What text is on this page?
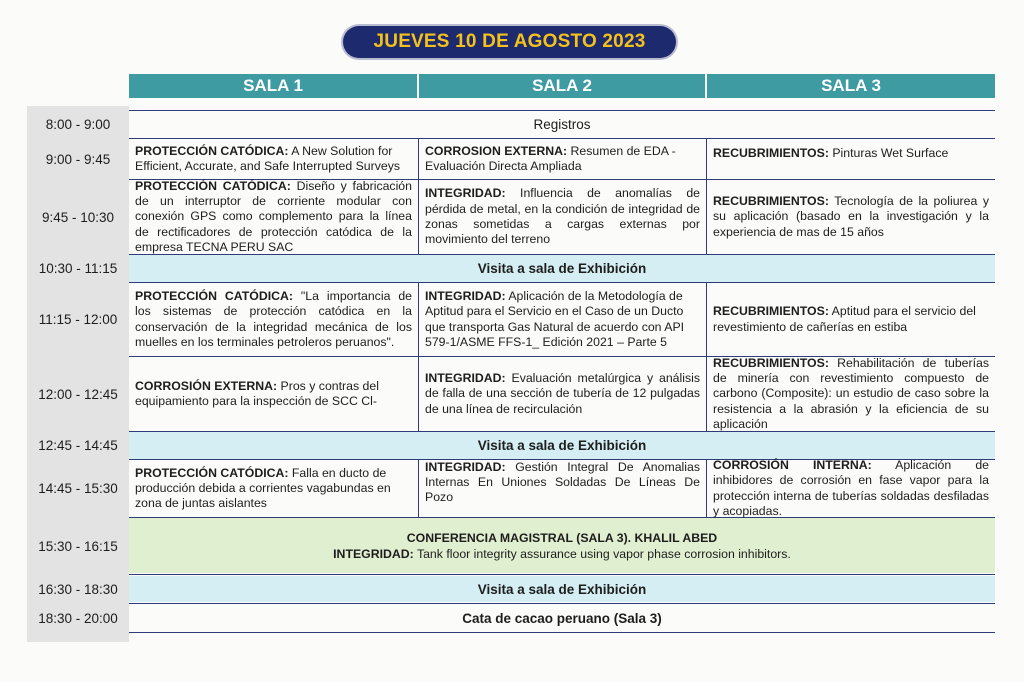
JUEVES 10 DE AGOSTO 2023
SALA 1	SALA 2	SALA 3
Registros
Visita a sala de Exhibición
Visita a sala de Exhibición
CONFERENCIA MAGISTRAL (SALA 3). KHALIL ABED
INTEGRIDAD: Tank floor integrity assurance using vapor phase corrosion inhibitors.
Visita a sala de Exhibición
Cata de cacao peruano (Sala 3)
8:00 - 9:00
9:00 - 9:45
9:45 - 10:30
10:30 - 11:15
11:15 - 12:00
12:00 - 12:45
12:45 - 14:45
14:45 - 15:30
15:30 - 16:15
16:30 - 18:30
18:30 - 20:00
PROTECCIÓN CATÓDICA: A New Solution for Efficient, Accurate, and Safe Interrupted Surveys
CORROSION EXTERNA: Resumen de EDA - Evaluación Directa Ampliada
RECUBRIMIENTOS: Pinturas Wet Surface
PROTECCIÓN CATÓDICA: Diseño y fabricación de un interruptor de corriente modular con conexión GPS como complemento para la línea de rectificadores de protección catódica de la empresa TECNA PERU SAC
INTEGRIDAD: Influencia de anomalías de pérdida de metal, en la condición de integridad de zonas sometidas a cargas externas por movimiento del terreno
RECUBRIMIENTOS: Tecnología de la poliurea y su aplicación (basado en la investigación y la experiencia de mas de 15 años
PROTECCIÓN CATÓDICA: "La importancia de los sistemas de protección catódica en la conservación de la integridad mecánica de los muelles en los terminales petroleros peruanos".
INTEGRIDAD: Aplicación de la Metodología de Aptitud para el Servicio en el Caso de un Ducto que transporta Gas Natural de acuerdo con API 579-1/ASME FFS-1_ Edición 2021 – Parte 5
RECUBRIMIENTOS: Aptitud para el servicio del revestimiento de cañerías en estiba
CORROSIÓN EXTERNA: Pros y contras del equipamiento para la inspección de SCC Cl-
INTEGRIDAD: Evaluación metalúrgica y análisis de falla de una sección de tubería de 12 pulgadas de una línea de recirculación
RECUBRIMIENTOS: Rehabilitación de tuberías de minería con revestimiento compuesto de carbono (Composite): un estudio de caso sobre la resistencia a la abrasión y la eficiencia de su aplicación
PROTECCIÓN CATÓDICA: Falla en ducto de producción debida a corrientes vagabundas en zona de juntas aislantes
INTEGRIDAD: Gestión Integral De Anomalias Internas En Uniones Soldadas De Líneas De Pozo
CORROSIÓN INTERNA: Aplicación de inhibidores de corrosión en fase vapor para la protección interna de tuberías soldadas desfiladas y acopiadas.
